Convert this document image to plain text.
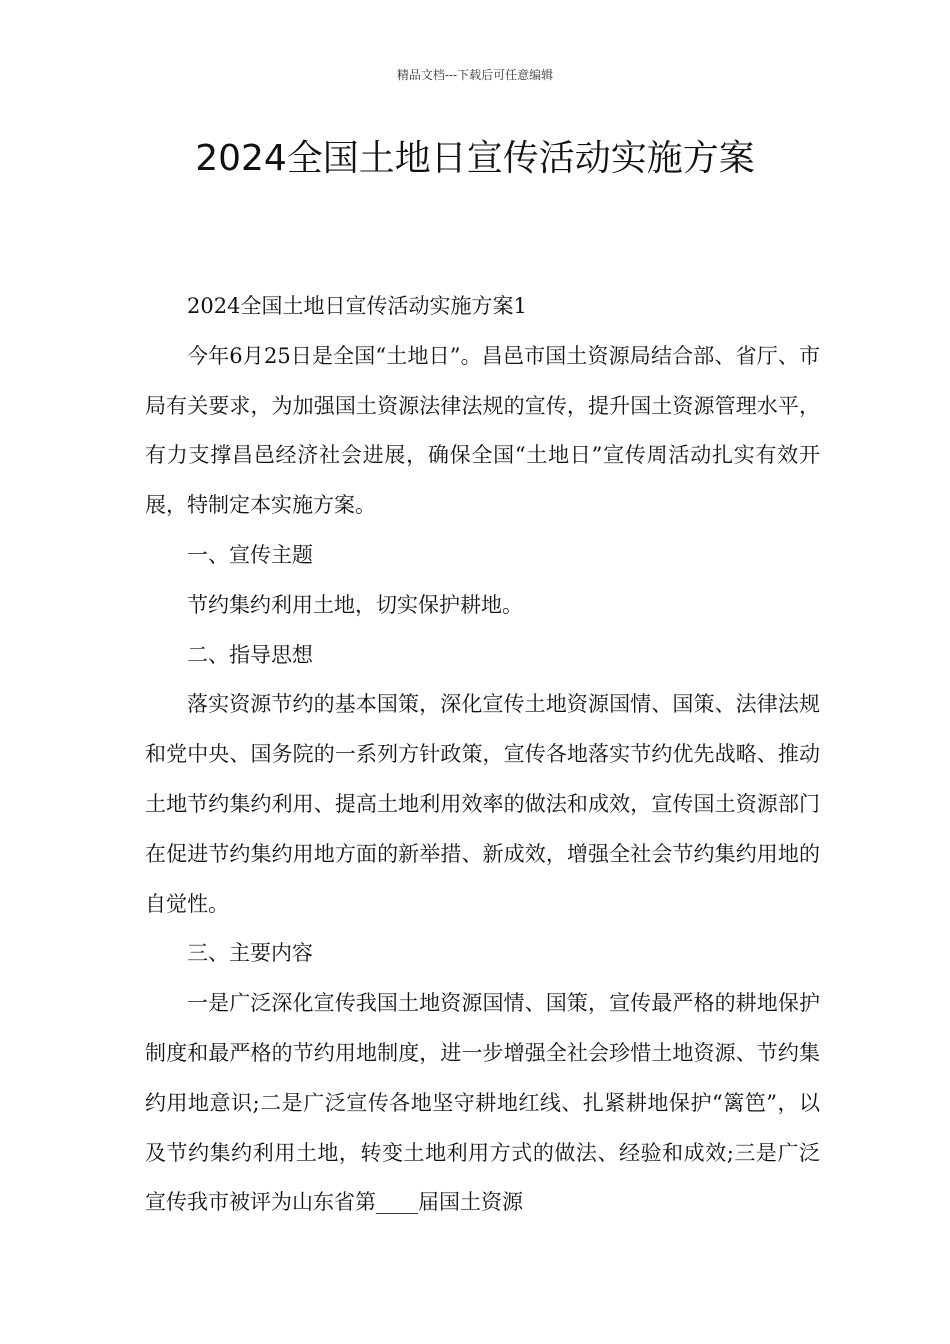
精品文档---下载后可任意编辑
2024全国土地日宣传活动实施方案

2024全国土地日宣传活动实施方案1

今年6月25日是全国“土地日”。昌邑市国土资源局结合部、省厅、市局有关要求，为加强国土资源法律法规的宣传，提升国土资源管理水平，有力支撑昌邑经济社会进展，确保全国“土地日”宣传周活动扎实有效开展，特制定本实施方案。

一、宣传主题

节约集约利用土地，切实保护耕地。

二、指导思想

落实资源节约的基本国策，深化宣传土地资源国情、国策、法律法规和党中央、国务院的一系列方针政策，宣传各地落实节约优先战略、推动土地节约集约利用、提高土地利用效率的做法和成效，宣传国土资源部门在促进节约集约用地方面的新举措、新成效，增强全社会节约集约用地的自觉性。

三、主要内容

一是广泛深化宣传我国土地资源国情、国策，宣传最严格的耕地保护制度和最严格的节约用地制度，进一步增强全社会珍惜土地资源、节约集约用地意识;二是广泛宣传各地坚守耕地红线、扎紧耕地保护“篱笆”，以及节约集约利用土地，转变土地利用方式的做法、经验和成效;三是广泛宣传我市被评为山东省第____届国土资源
